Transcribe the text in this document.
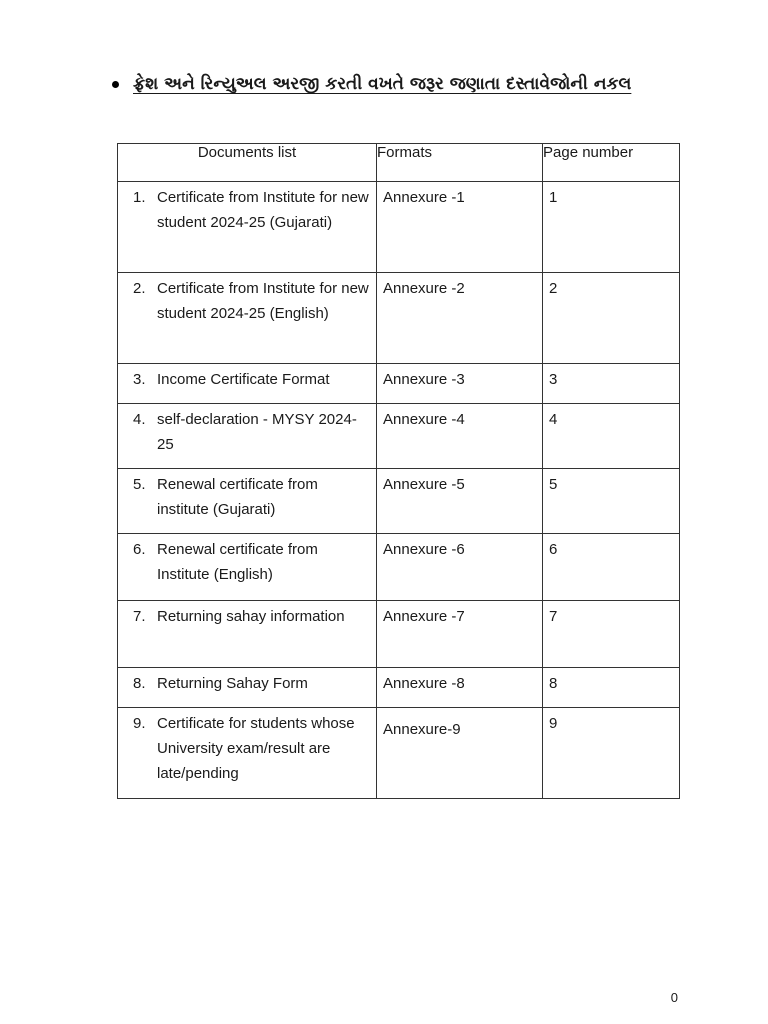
ફ્રેશ અને રિન્યુઅલ અરજી કરતી વખતે જરૂર જણાતા દસ્તાવેજોની નકલ
Documents list	Formats	Page number

1. Certificate from Institute for new student 2024-25 (Gujarati)	Annexure -1	1

2. Certificate from Institute for new student 2024-25 (English)	Annexure -2	2

3. Income Certificate Format	Annexure -3	3

4. self-declaration - MYSY 2024-25	Annexure -4	4

5. Renewal certificate from institute (Gujarati)	Annexure -5	5

6. Renewal certificate from Institute (English)	Annexure -6	6

7. Returning sahay information	Annexure -7	7

8. Returning Sahay Form	Annexure -8	8

9. Certificate for students whose University exam/result are late/pending	Annexure-9	9
0
